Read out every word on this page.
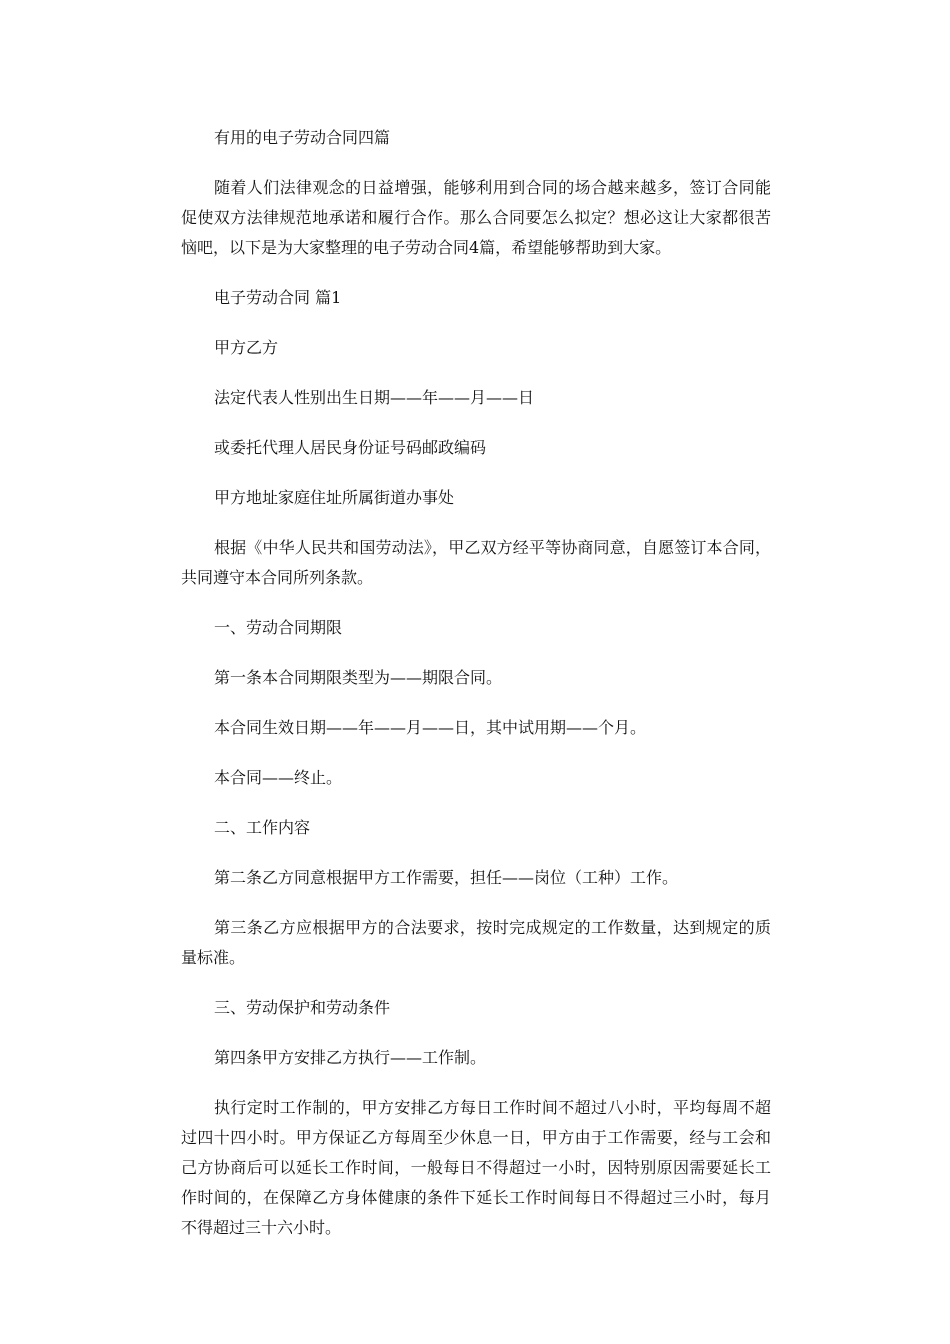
有用的电子劳动合同四篇

随着人们法律观念的日益增强，能够利用到合同的场合越来越多，签订合同能促使双方法律规范地承诺和履行合作。那么合同要怎么拟定？想必这让大家都很苦恼吧，以下是为大家整理的电子劳动合同4篇，希望能够帮助到大家。

电子劳动合同 篇1

甲方乙方

法定代表人性别出生日期——年——月——日

或委托代理人居民身份证号码邮政编码

甲方地址家庭住址所属街道办事处

根据《中华人民共和国劳动法》，甲乙双方经平等协商同意，自愿签订本合同，共同遵守本合同所列条款。

一、劳动合同期限

第一条本合同期限类型为——期限合同。

本合同生效日期——年——月——日，其中试用期——个月。

本合同——终止。

二、工作内容

第二条乙方同意根据甲方工作需要，担任——岗位（工种）工作。

第三条乙方应根据甲方的合法要求，按时完成规定的工作数量，达到规定的质量标准。

三、劳动保护和劳动条件

第四条甲方安排乙方执行——工作制。

执行定时工作制的，甲方安排乙方每日工作时间不超过八小时，平均每周不超过四十四小时。甲方保证乙方每周至少休息一日，甲方由于工作需要，经与工会和己方协商后可以延长工作时间，一般每日不得超过一小时，因特别原因需要延长工作时间的，在保障乙方身体健康的条件下延长工作时间每日不得超过三小时，每月不得超过三十六小时。
